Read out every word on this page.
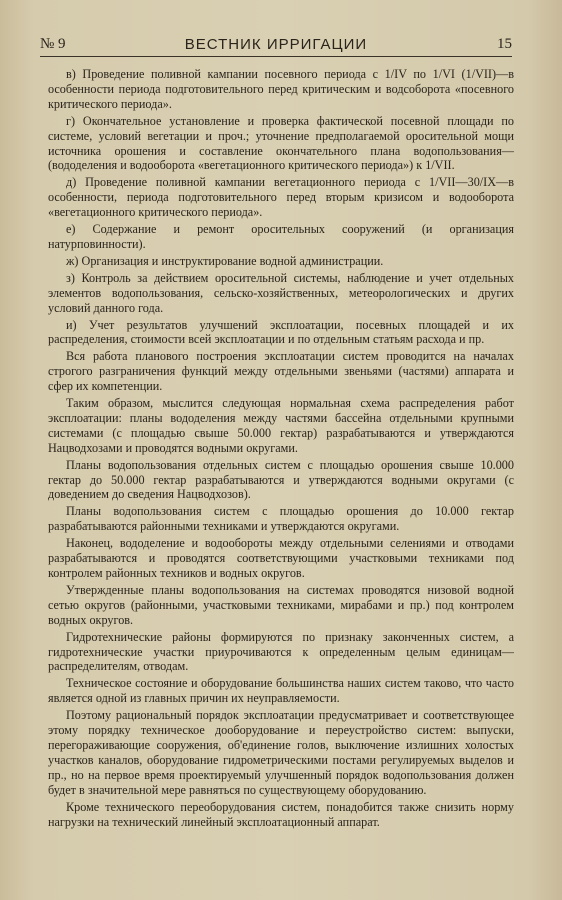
№ 9	ВЕСТНИК ИРРИГАЦИИ	15

в) Проведение поливной кампании посевного периода с 1/IV по 1/VI (1/VII)—в особенности периода подготовительного перед критическим и водсоборота «посевного критического периода».

г) Окончательное установление и проверка фактической посевной площади по системе, условий вегетации и проч.; уточнение предполагаемой оросительной мощи источника орошения и составление окончательного плана водопользования—(вододеления и водооборота «вегетационного критического периода») к 1/VII.

д) Проведение поливной кампании вегетационного периода с 1/VII—30/IX—в особенности, периода подготовительного перед вторым кризисом и водооборота «вегетационного критического периода».

е) Содержание и ремонт оросительных сооружений (и организация натурповинности).

ж) Организация и инструктирование водной администрации.

з) Контроль за действием оросительной системы, наблюдение и учет отдельных элементов водопользования, сельско-хозяйственных, метеорологических и других условий данного года.

и) Учет результатов улучшений эксплоатации, посевных площадей и их распределения, стоимости всей эксплоатации и по отдельным статьям расхода и пр.

Вся работа планового построения эксплоатации систем проводится на началах строгого разграничения функций между отдельными звеньями (частями) аппарата и сфер их компетенции.

Таким образом, мыслится следующая нормальная схема распределения работ эксплоатации: планы вододеления между частями бассейна отдельными крупными системами (с площадью свыше 50.000 гектар) разрабатываются и утверждаются Нацводхозами и проводятся водными округами.

Планы водопользования отдельных систем с площадью орошения свыше 10.000 гектар до 50.000 гектар разрабатываются и утверждаются водными округами (с доведением до сведения Нацводхозов).

Планы водопользования систем с площадью орошения до 10.000 гектар разрабатываются районными техниками и утверждаются округами.

Наконец, вододеление и водообороты между отдельными селениями и отводами разрабатываются и проводятся соответствующими участковыми техниками под контролем районных техников и водных округов.

Утвержденные планы водопользования на системах проводятся низовой водной сетью округов (районными, участковыми техниками, мирабами и пр.) под контролем водных округов.

Гидротехнические районы формируются по признаку законченных систем, а гидротехнические участки приурочиваются к определенным целым единицам—распределителям, отводам.

Техническое состояние и оборудование большинства наших систем таково, что часто является одной из главных причин их неуправляемости.

Поэтому рациональный порядок эксплоатации предусматривает и соответствующее этому порядку техническое дооборудование и переустройство систем: выпуски, перегораживающие сооружения, об'единение голов, выключение излишних холостых участков каналов, оборудование гидрометрическими постами регулируемых выделов и пр., но на первое время проектируемый улучшенный порядок водопользования должен будет в значительной мере равняться по существующему оборудованию.

Кроме технического переоборудования систем, понадобится также снизить норму нагрузки на технический линейный эксплоатационный аппарат.
